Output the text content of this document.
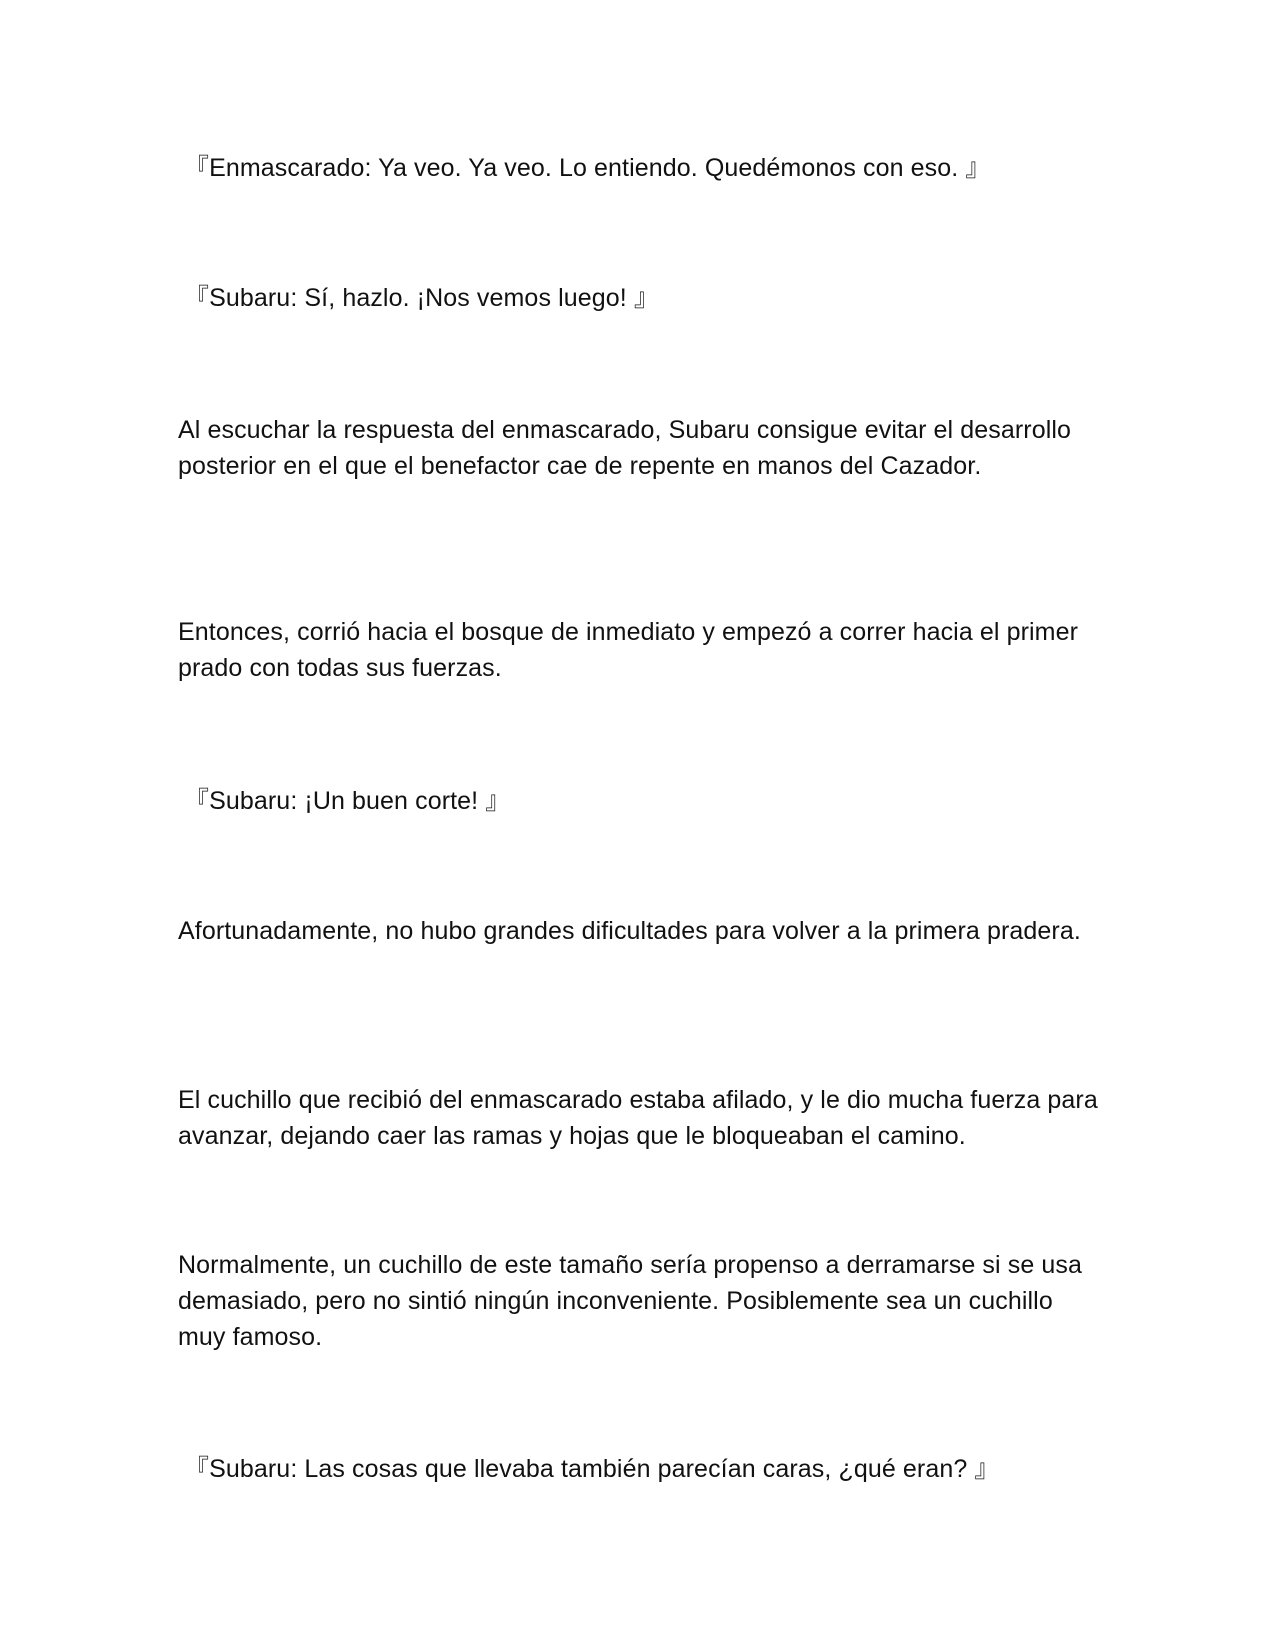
『Enmascarado: Ya veo. Ya veo. Lo entiendo. Quedémonos con eso. 』

『Subaru: Sí, hazlo. ¡Nos vemos luego! 』

Al escuchar la respuesta del enmascarado, Subaru consigue evitar el desarrollo posterior en el que el benefactor cae de repente en manos del Cazador.

Entonces, corrió hacia el bosque de inmediato y empezó a correr hacia el primer prado con todas sus fuerzas.

『Subaru: ¡Un buen corte! 』

Afortunadamente, no hubo grandes dificultades para volver a la primera pradera.

El cuchillo que recibió del enmascarado estaba afilado, y le dio mucha fuerza para avanzar, dejando caer las ramas y hojas que le bloqueaban el camino.

Normalmente, un cuchillo de este tamaño sería propenso a derramarse si se usa demasiado, pero no sintió ningún inconveniente. Posiblemente sea un cuchillo muy famoso.

『Subaru: Las cosas que llevaba también parecían caras, ¿qué eran? 』
